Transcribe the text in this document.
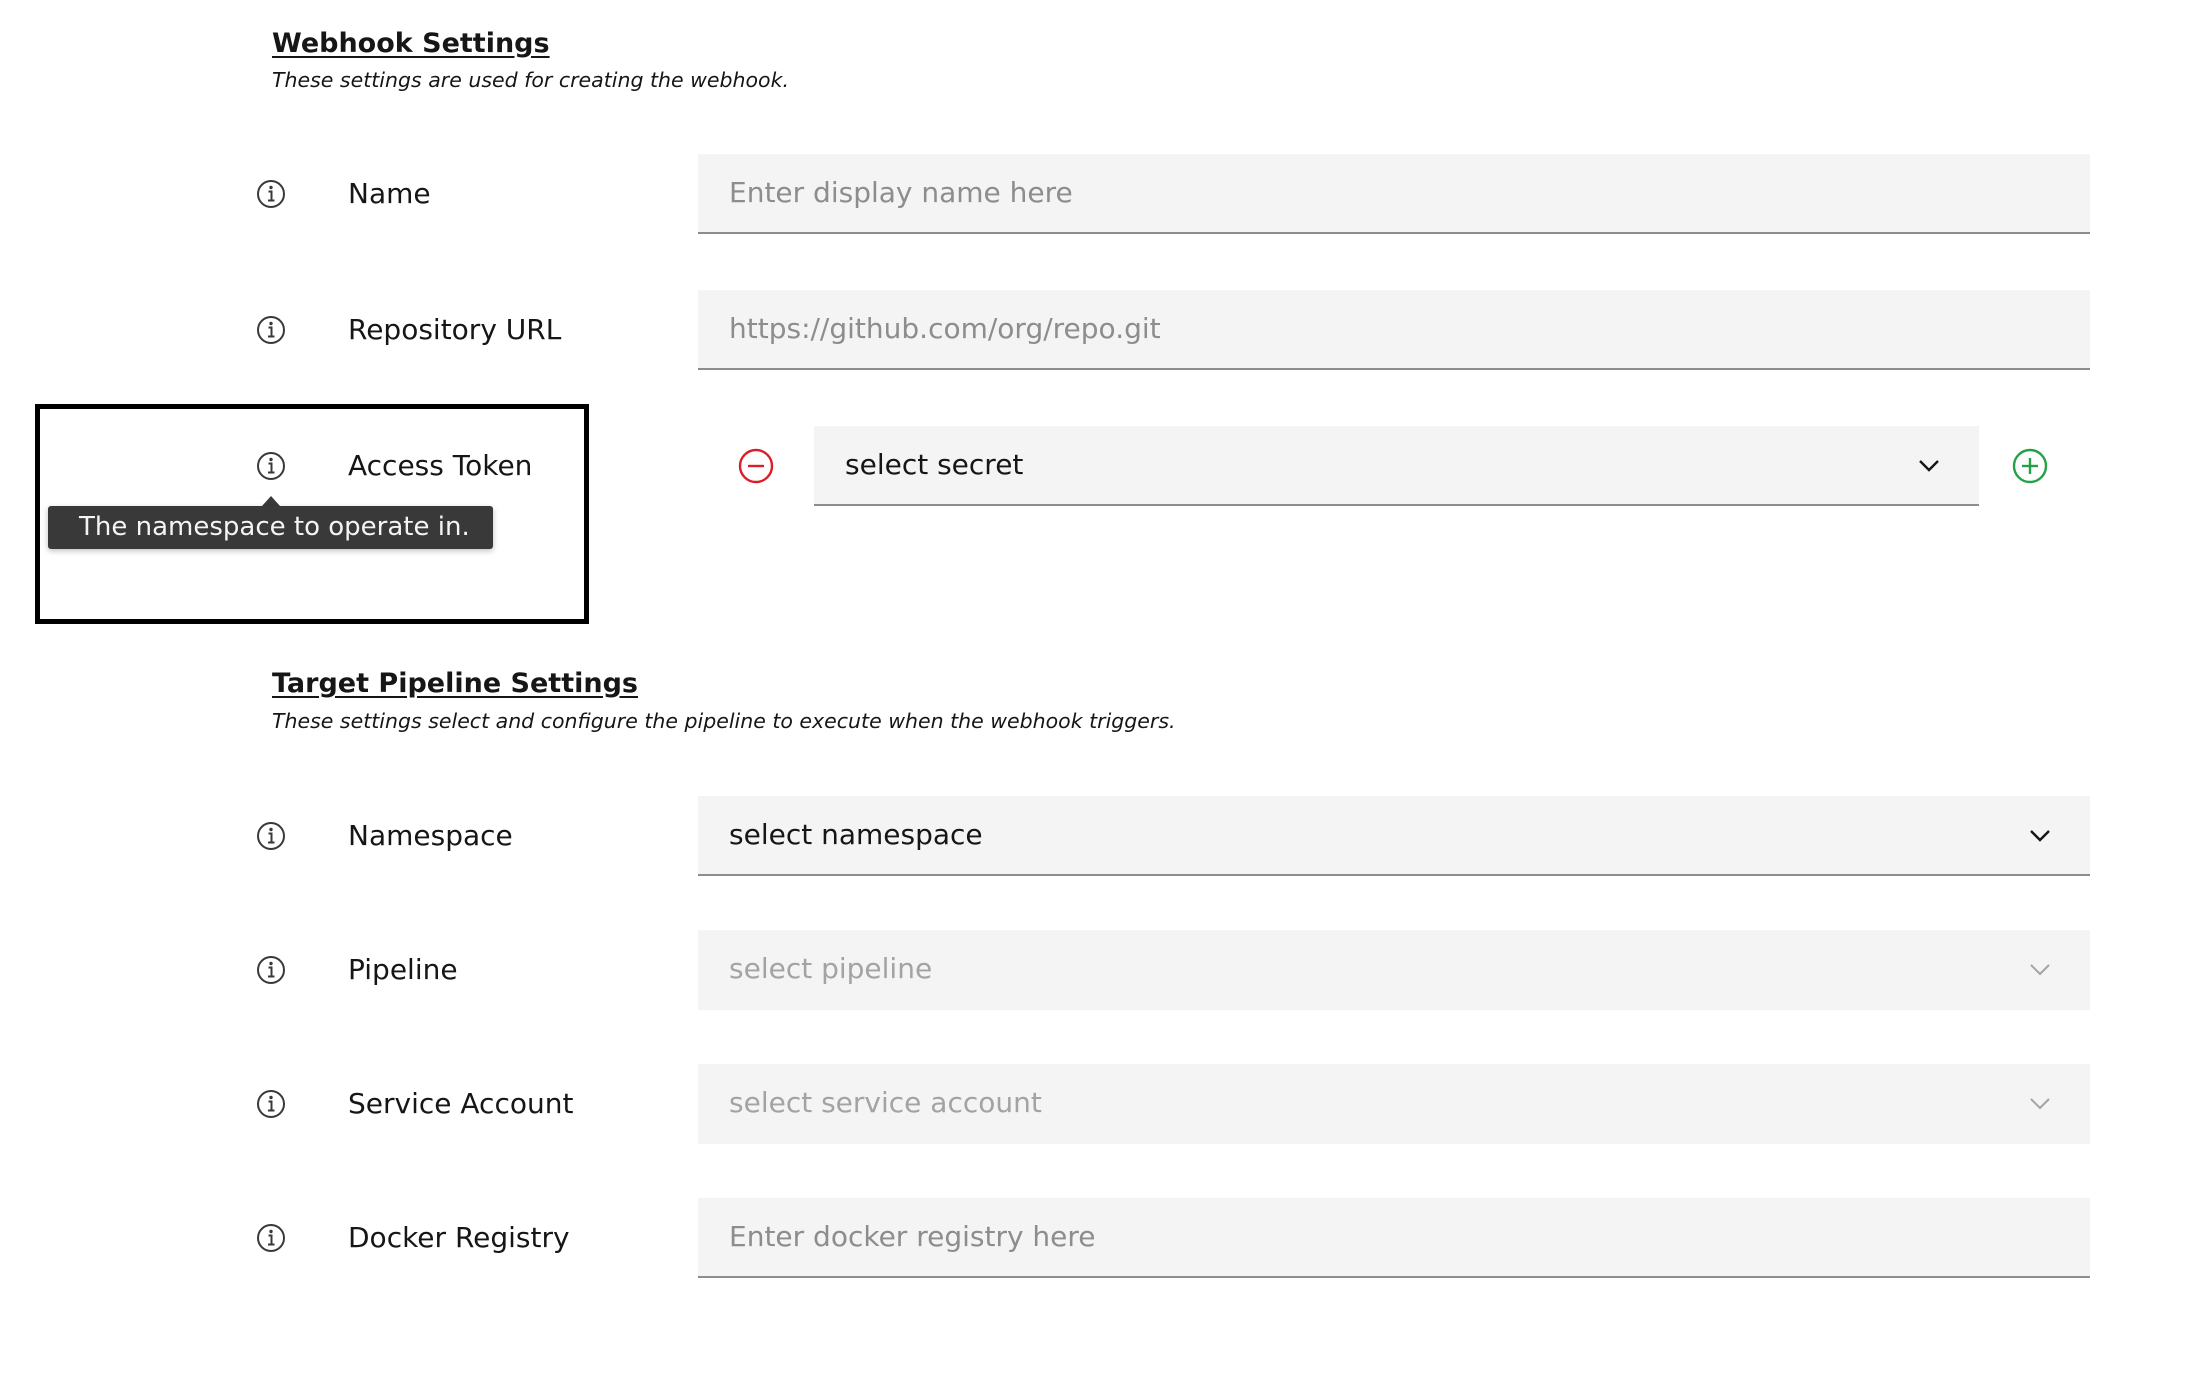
Webhook Settings
These settings are used for creating the webhook.
Name	Enter display name here
Repository URL	https://github.com/org/repo.git
Access Token	select secret
The namespace to operate in.
Target Pipeline Settings
These settings select and configure the pipeline to execute when the webhook triggers.
Namespace	select namespace
Pipeline	select pipeline
Service Account	select service account
Docker Registry	Enter docker registry here
